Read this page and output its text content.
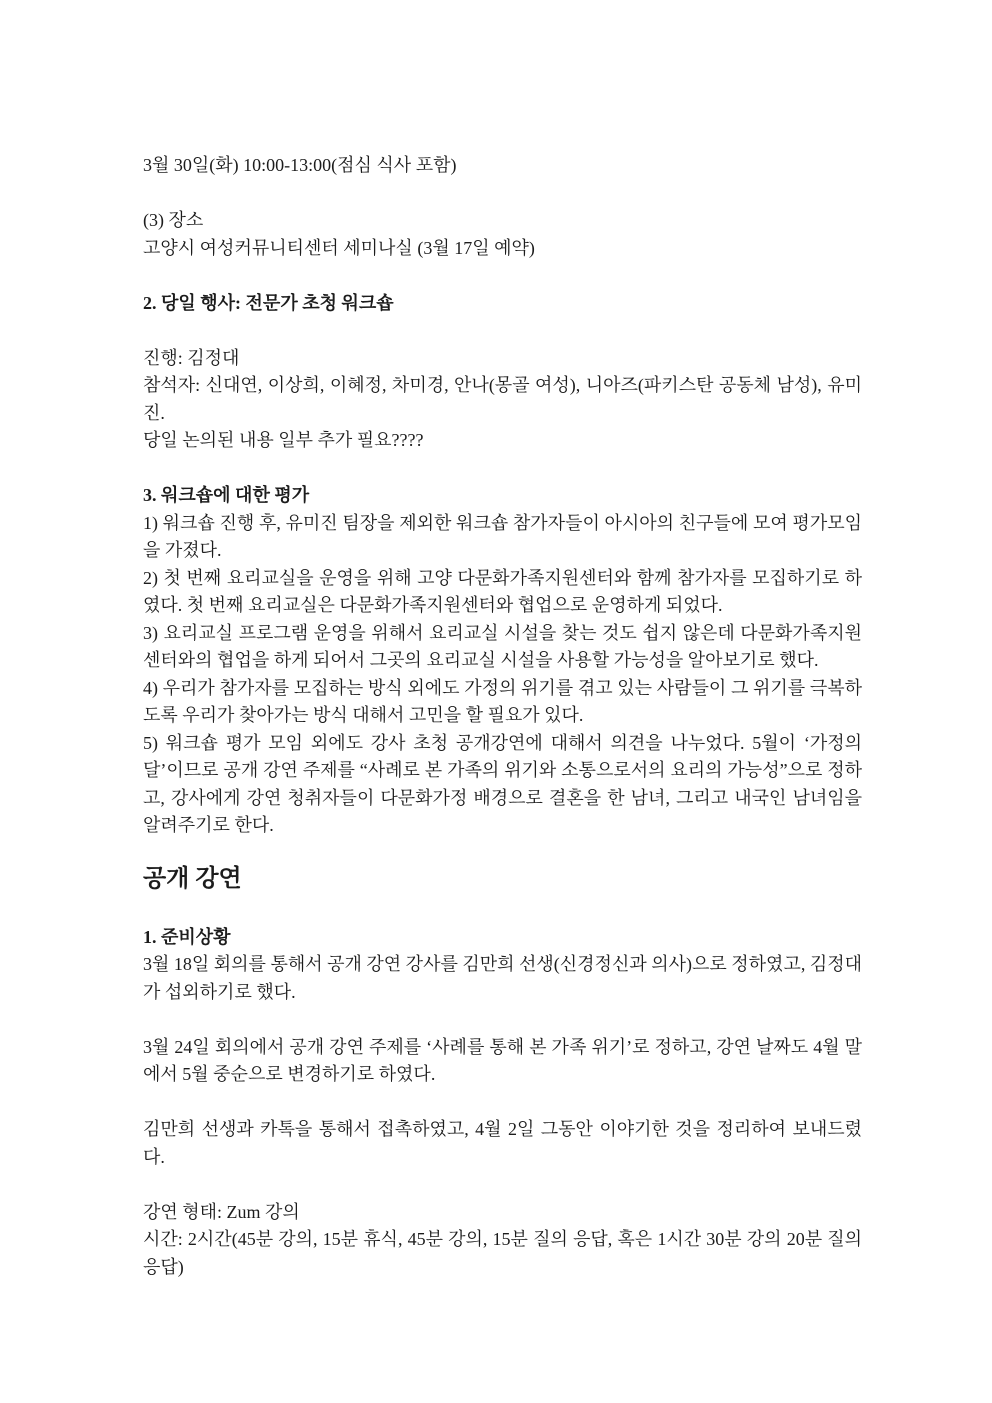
3월 30일(화) 10:00-13:00(점심 식사 포함)
(3) 장소
고양시 여성커뮤니티센터 세미나실 (3월 17일 예약)
2. 당일 행사: 전문가 초청 워크숍
진행: 김정대
참석자: 신대연, 이상희, 이혜정, 차미경, 안나(몽골 여성), 니아즈(파키스탄 공동체 남성), 유미진.
당일 논의된 내용 일부 추가 필요????
3. 워크숍에 대한 평가
1) 워크숍 진행 후, 유미진 팀장을 제외한 워크숍 참가자들이 아시아의 친구들에 모여 평가모임을 가졌다.
2) 첫 번째 요리교실을 운영을 위해 고양 다문화가족지원센터와 함께 참가자를 모집하기로 하였다. 첫 번째 요리교실은 다문화가족지원센터와 협업으로 운영하게 되었다.
3) 요리교실 프로그램 운영을 위해서 요리교실 시설을 찾는 것도 쉽지 않은데 다문화가족지원센터와의 협업을 하게 되어서 그곳의 요리교실 시설을 사용할 가능성을 알아보기로 했다.
4) 우리가 참가자를 모집하는 방식 외에도 가정의 위기를 겪고 있는 사람들이 그 위기를 극복하도록 우리가 찾아가는 방식 대해서 고민을 할 필요가 있다.
5) 워크숍 평가 모임 외에도 강사 초청 공개강연에 대해서 의견을 나누었다. 5월이 ‘가정의 달’이므로 공개 강연 주제를 “사례로 본 가족의 위기와 소통으로서의 요리의 가능성”으로 정하고, 강사에게 강연 청취자들이 다문화가정 배경으로 결혼을 한 남녀, 그리고 내국인 남녀임을 알려주기로 한다.
공개 강연
1. 준비상황
3월 18일 회의를 통해서 공개 강연 강사를 김만희 선생(신경정신과 의사)으로 정하였고, 김정대가 섭외하기로 했다.
3월 24일 회의에서 공개 강연 주제를 ‘사례를 통해 본 가족 위기’로 정하고, 강연 날짜도 4월 말에서 5월 중순으로 변경하기로 하였다.
김만희 선생과 카톡을 통해서 접촉하였고, 4월 2일 그동안 이야기한 것을 정리하여 보내드렸다.
강연 형태: Zum 강의
시간: 2시간(45분 강의, 15분 휴식, 45분 강의, 15분 질의 응답, 혹은 1시간 30분 강의 20분 질의 응답)
